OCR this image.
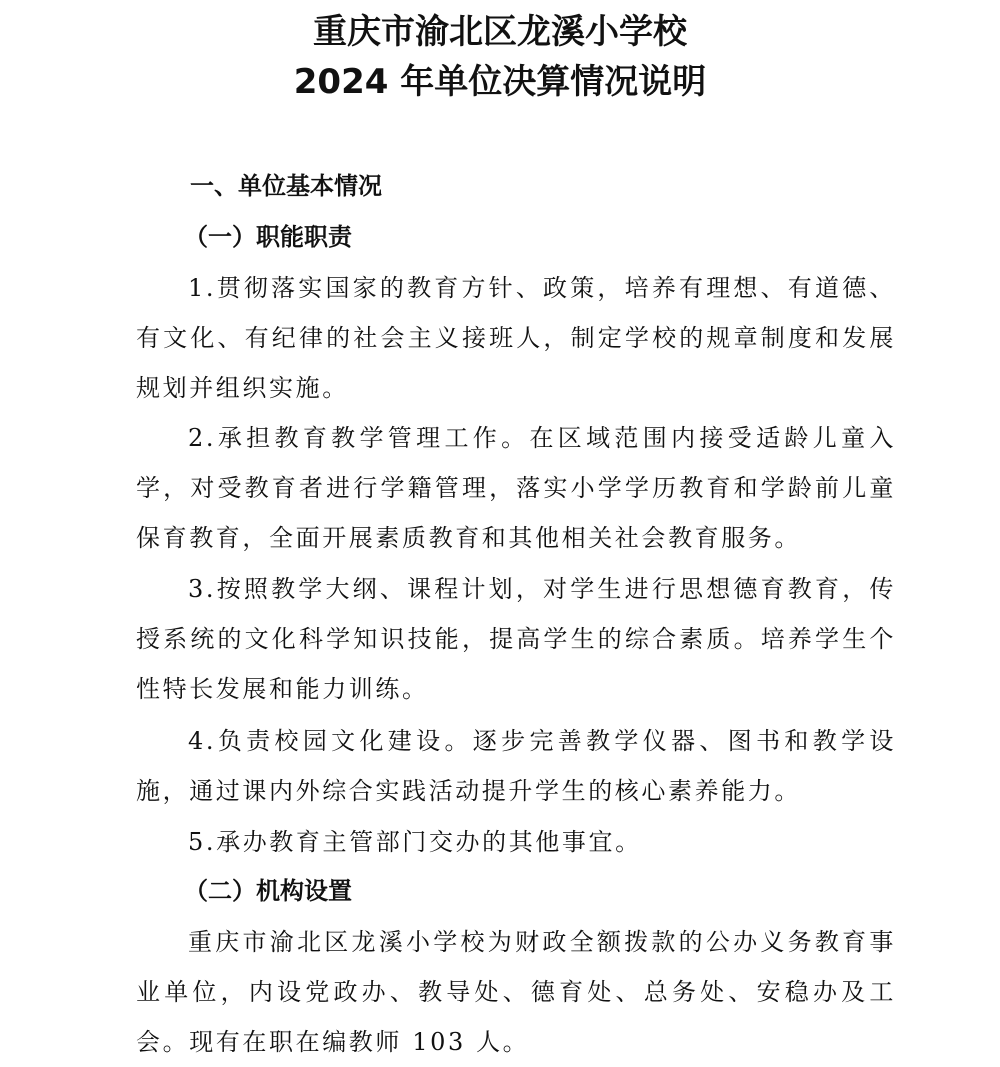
重庆市渝北区龙溪小学校
2024 年单位决算情况说明
一、单位基本情况
（一）职能职责

1.贯彻落实国家的教育方针、政策，培养有理想、有道德、有文化、有纪律的社会主义接班人，制定学校的规章制度和发展规划并组织实施。

2.承担教育教学管理工作。在区域范围内接受适龄儿童入学，对受教育者进行学籍管理，落实小学学历教育和学龄前儿童保育教育，全面开展素质教育和其他相关社会教育服务。

3.按照教学大纲、课程计划，对学生进行思想德育教育，传授系统的文化科学知识技能，提高学生的综合素质。培养学生个性特长发展和能力训练。

4.负责校园文化建设。逐步完善教学仪器、图书和教学设施，通过课内外综合实践活动提升学生的核心素养能力。

5.承办教育主管部门交办的其他事宜。

（二）机构设置

重庆市渝北区龙溪小学校为财政全额拨款的公办义务教育事业单位，内设党政办、教导处、德育处、总务处、安稳办及工会。现有在职在编教师 103 人。
